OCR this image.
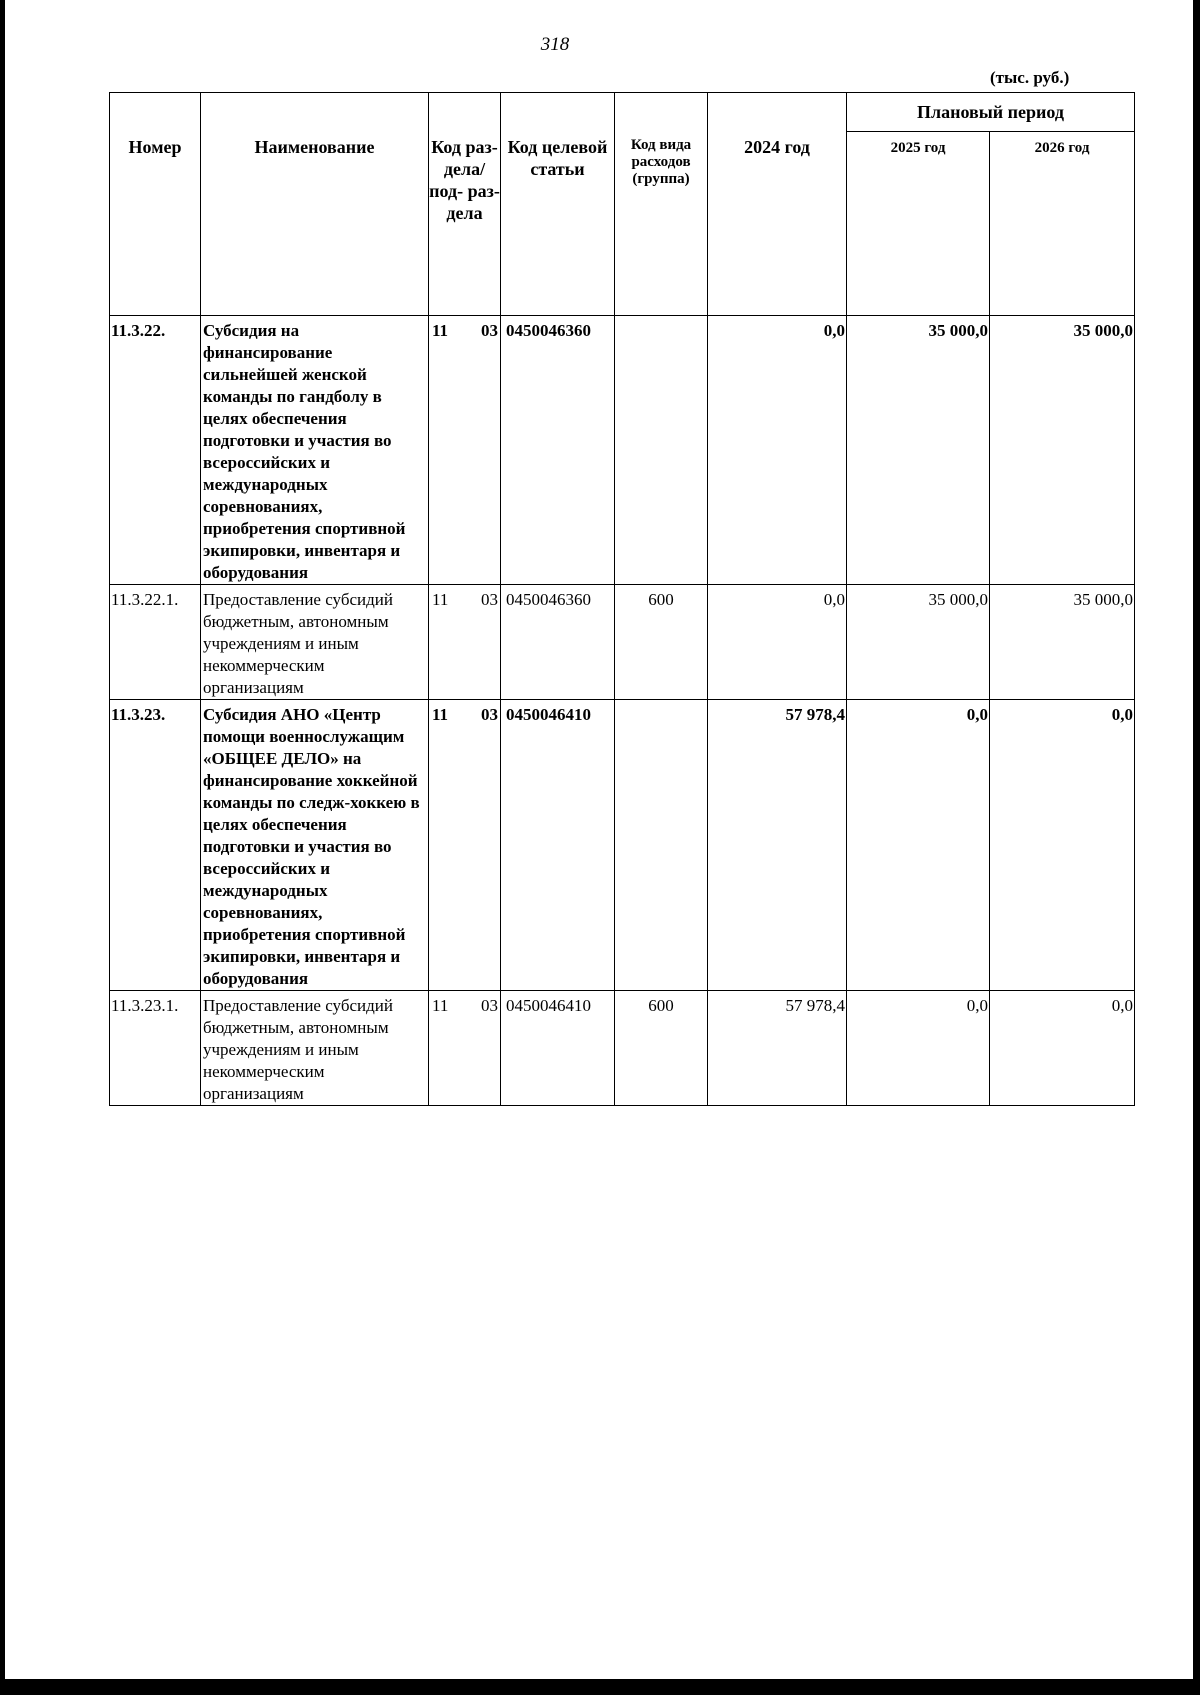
318
(тыс. руб.)
Номер	Наименование	Код раз- дела/ под- раз- дела	Код целевой статьи	Код вида расходов (группа)	2024 год	Плановый период	
						2025 год	2026 год
11.3.22.	Субсидия на финансирование сильнейшей женской команды по гандболу в целях обеспечения подготовки и участия во всероссийских и международных соревнованиях, приобретения спортивной экипировки, инвентаря и оборудования	11 03	0450046360		0,0	35 000,0	35 000,0
11.3.22.1.	Предоставление субсидий бюджетным, автономным учреждениям и иным некоммерческим организациям	11 03	0450046360	600	0,0	35 000,0	35 000,0
11.3.23.	Субсидия АНО «Центр помощи военнослужащим «ОБЩЕЕ ДЕЛО» на финансирование хоккейной команды по следж-хоккею в целях обеспечения подготовки и участия во всероссийских и международных соревнованиях, приобретения спортивной экипировки, инвентаря и оборудования	11 03	0450046410		57 978,4	0,0	0,0
11.3.23.1.	Предоставление субсидий бюджетным, автономным учреждениям и иным некоммерческим организациям	11 03	0450046410	600	57 978,4	0,0	0,0
